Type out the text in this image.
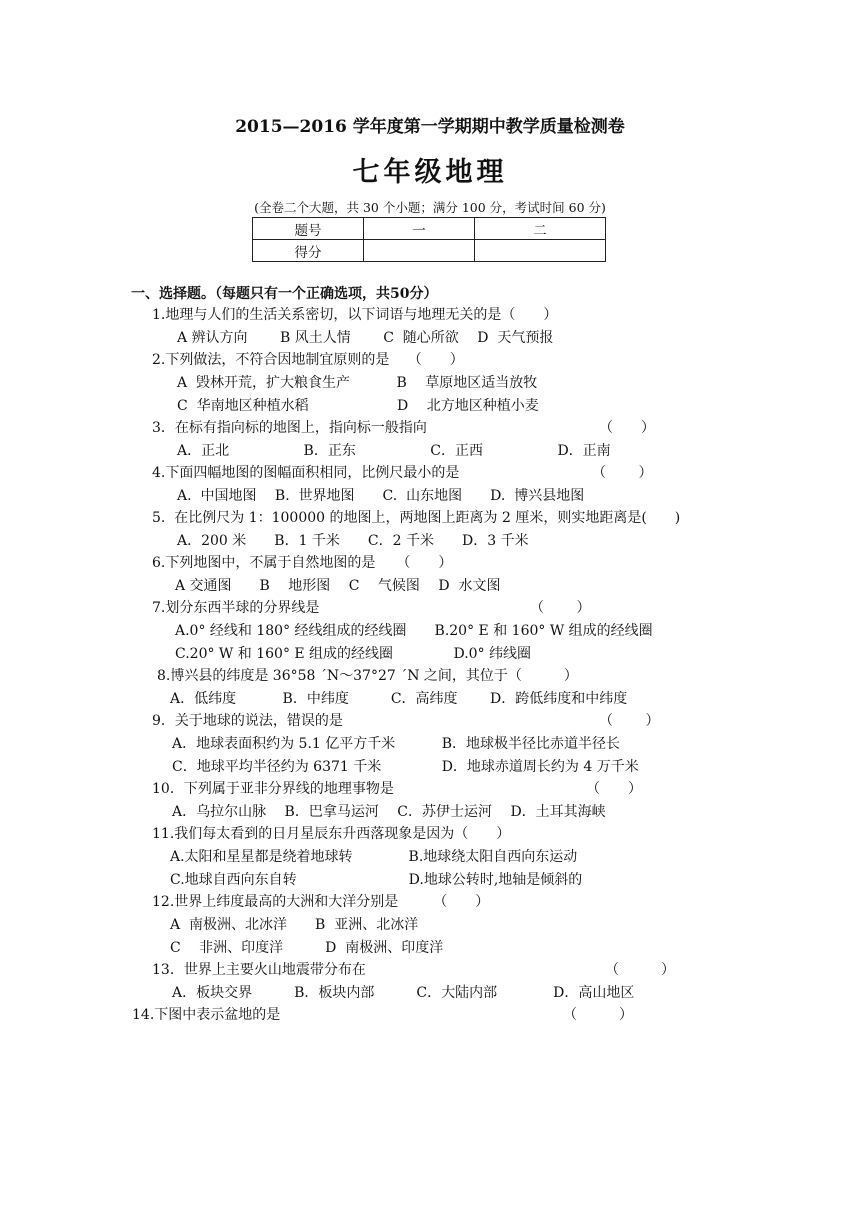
2015—2016 学年度第一学期期中教学质量检测卷
七年级地理
(全卷二个大题，共 30 个小题；满分 100 分，考试时间 60 分)
题号	一	二
得分		
一、选择题。（每题只有一个正确选项，共50分）
1.地理与人们的生活关系密切，以下词语与地理无关的是（　　）
A 辨认方向　　 B 风土人情　　 C  随心所欲　 D  天气预报
2.下列做法，不符合因地制宜原则的是　 （　　）
A  毁林开荒，扩大粮食生产　　　 B　 草原地区适当放牧
C  华南地区种植水稻　　　　　　 D　 北方地区种植小麦
3．在标有指向标的地图上，指向标一般指向	（　　）
A．正北　　　　　 B．正东　　　　　 C．正西　　　　　 D．正南
4.下面四幅地图的图幅面积相同，比例尺最小的是	（　　 ）
A.  中国地图　 B.  世界地图　　C.  山东地图　　D.  博兴县地图
5.  在比例尺为 1：100000 的地图上，两地图上距离为 2 厘米，则实地距离是(　　)
A．200 米　　B．1 千米　　C．2 千米　　D．3 千米
6.下列地图中，不属于自然地图的是　　（　　）
A 交通图　　B　 地形图　 C　 气候图　 D  水文图
7.划分东西半球的分界线是	（　　 ）
A.0° 经线和 180° 经线组成的经线圈　　B.20° E 和 160° W 组成的经线圈
C.20° W 和 160° E 组成的经线圈　　　　 D.0° 纬线圈
8.博兴县的纬度是 36°58 ´N～37°27 ´N 之间，其位于（　　　）
A．低纬度　　　 B．中纬度　　　C．高纬度　　 D．跨低纬度和中纬度
9．关于地球的说法，错误的是	（　　 ）
A．地球表面积约为 5.1 亿平方千米　　　 B．地球极半径比赤道半径长
C．地球平均半径约为 6371 千米　　　　 D．地球赤道周长约为 4 万千米
10．下列属于亚非分界线的地理事物是	（　　）
A．乌拉尔山脉　 B．巴拿马运河　 C．苏伊士运河　 D．土耳其海峡
11.我们每太看到的日月星辰东升西落现象是因为（　　）
A.太阳和星星都是绕着地球转　　　　B.地球绕太阳自西向东运动
C.地球自西向东自转　　　　　　　　D.地球公转时,地轴是倾斜的
12.世界上纬度最高的大洲和大洋分别是　　　（　　）
A  南极洲、北冰洋　　B  亚洲、北冰洋
C　 非洲、印度洋　　　D  南极洲、印度洋
13．世界上主要火山地震带分布在	（　　　）
A．板块交界　　　B．板块内部　　　C．大陆内部　　　　D．高山地区
14.下图中表示盆地的是	（　　　）
